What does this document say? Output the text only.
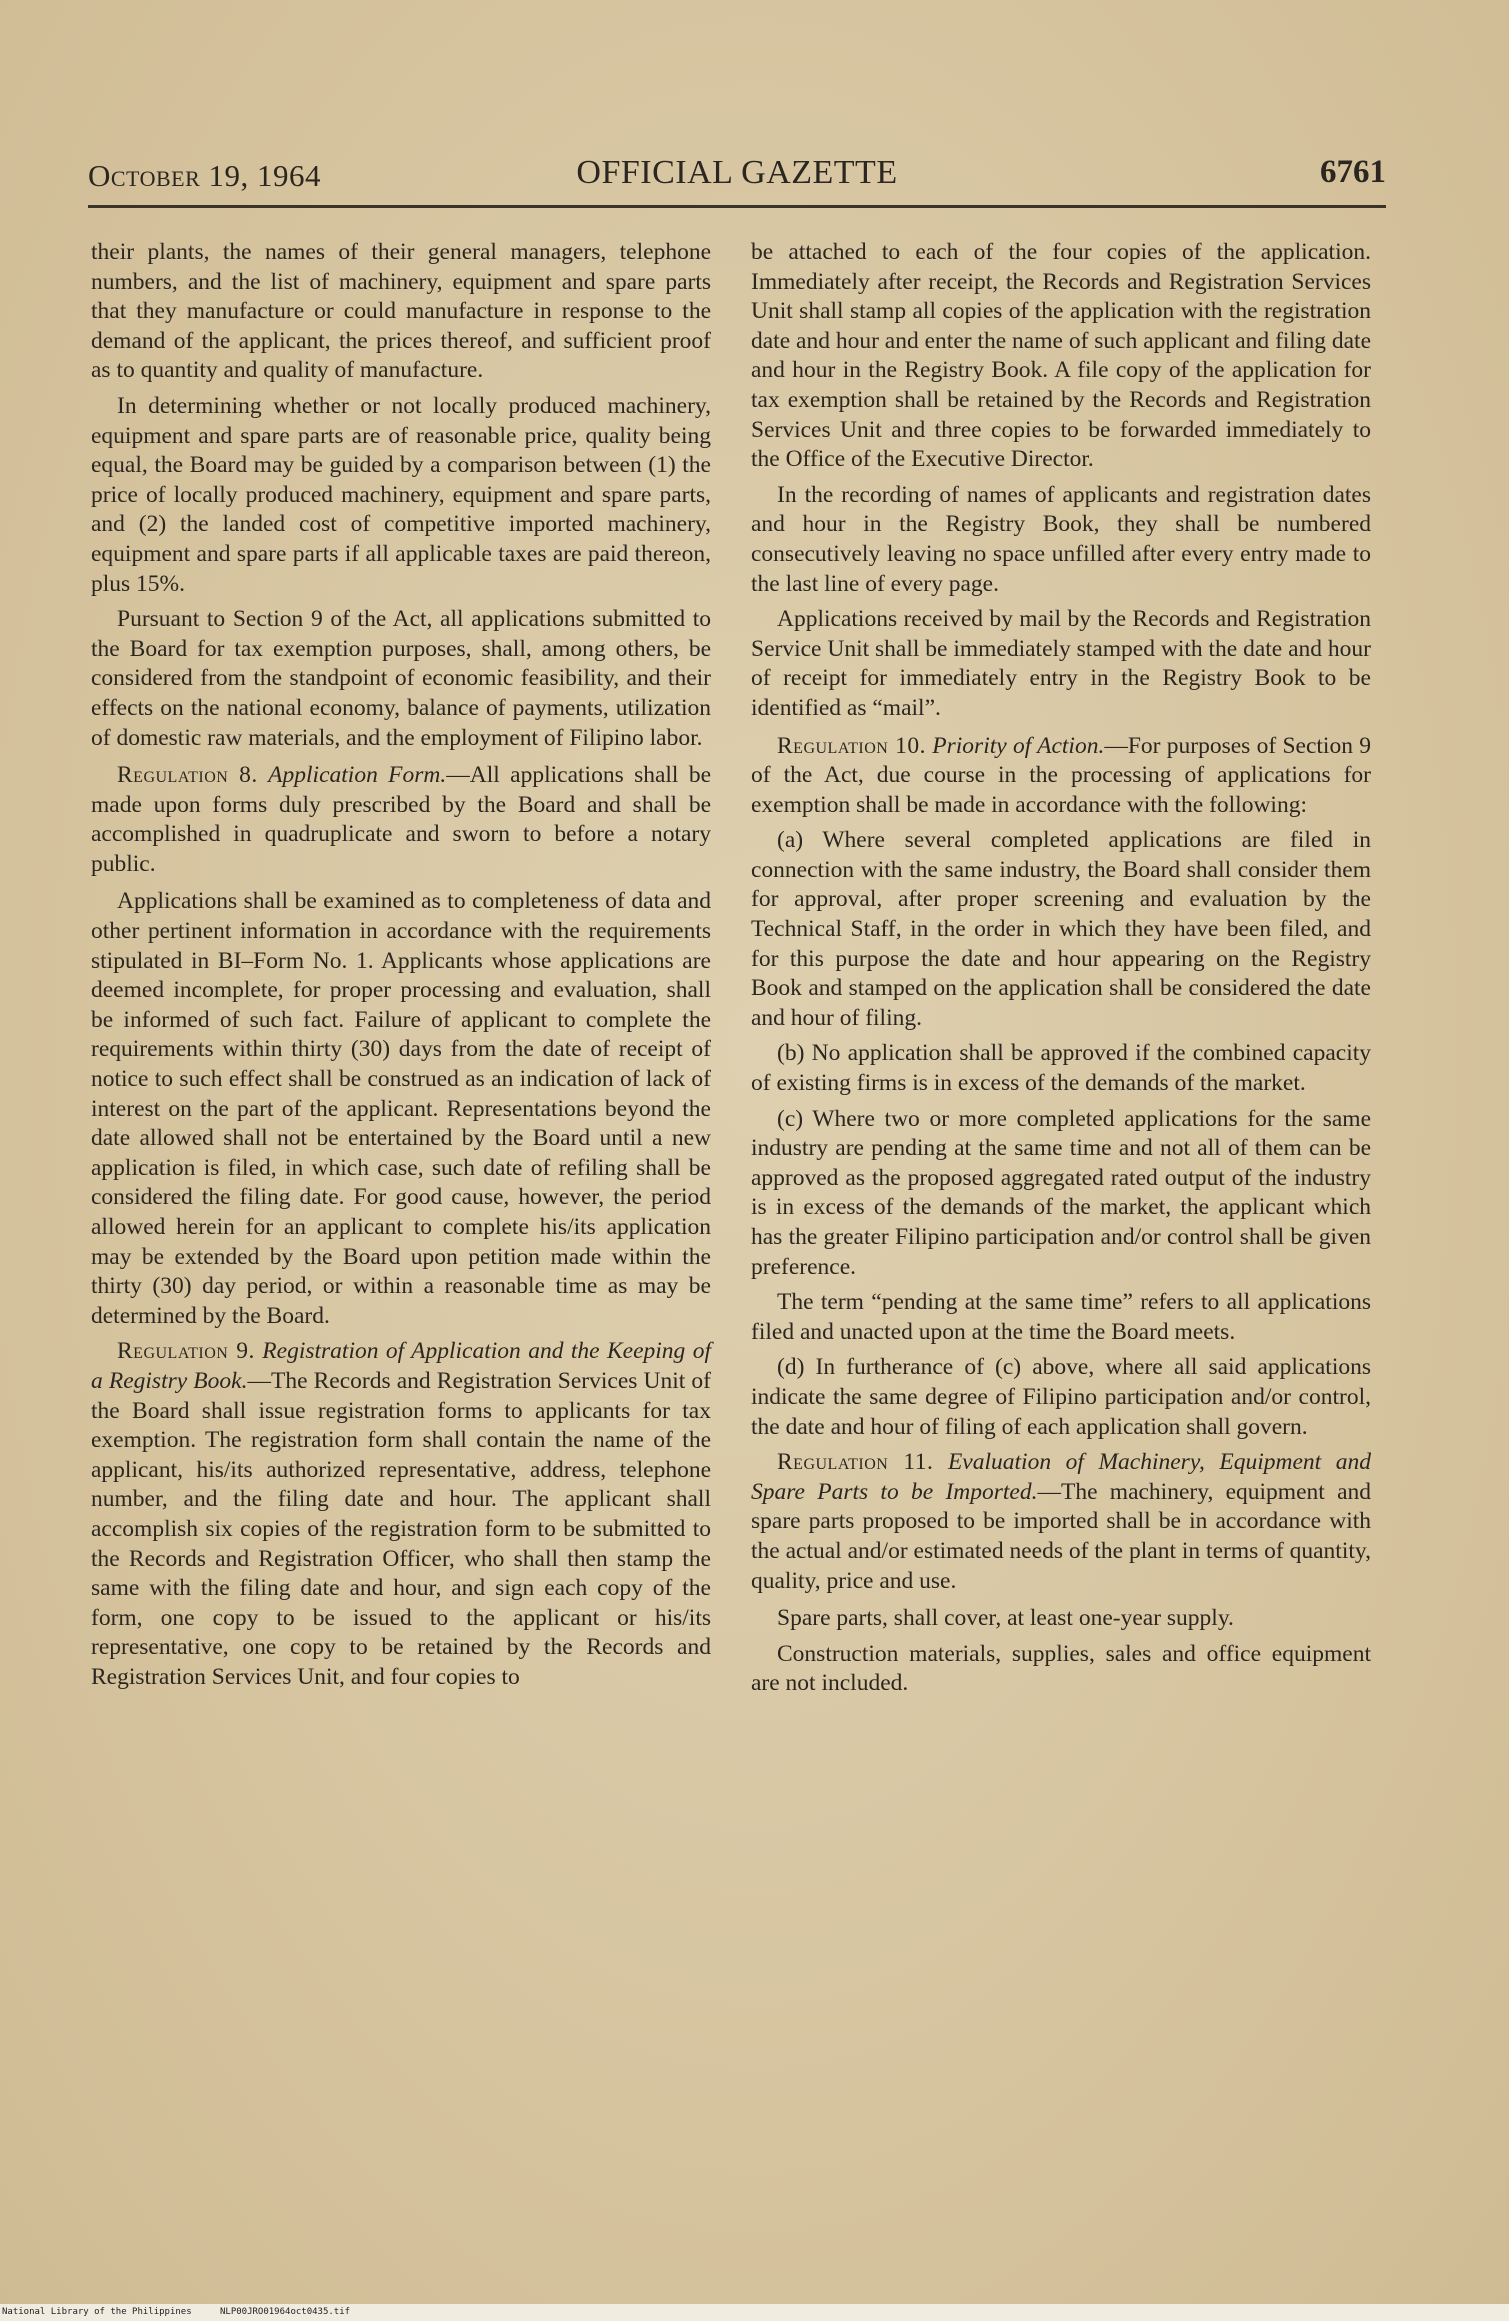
October 19, 1964	OFFICIAL GAZETTE	6761

their plants, the names of their general managers, telephone numbers, and the list of machinery, equipment and spare parts that they manufacture or could manufacture in response to the demand of the applicant, the prices thereof, and sufficient proof as to quantity and quality of manufacture.

In determining whether or not locally produced machinery, equipment and spare parts are of reasonable price, quality being equal, the Board may be guided by a comparison between (1) the price of locally produced machinery, equipment and spare parts, and (2) the landed cost of competitive imported machinery, equipment and spare parts if all applicable taxes are paid thereon, plus 15%.

Pursuant to Section 9 of the Act, all applications submitted to the Board for tax exemption purposes, shall, among others, be considered from the standpoint of economic feasibility, and their effects on the national economy, balance of payments, utilization of domestic raw materials, and the employment of Filipino labor.

Regulation 8. Application Form.—All applications shall be made upon forms duly prescribed by the Board and shall be accomplished in quadruplicate and sworn to before a notary public.

Applications shall be examined as to completeness of data and other pertinent information in accordance with the requirements stipulated in BI–Form No. 1. Applicants whose applications are deemed incomplete, for proper processing and evaluation, shall be informed of such fact. Failure of applicant to complete the requirements within thirty (30) days from the date of receipt of notice to such effect shall be construed as an indication of lack of interest on the part of the applicant. Representations beyond the date allowed shall not be entertained by the Board until a new application is filed, in which case, such date of refiling shall be considered the filing date. For good cause, however, the period allowed herein for an applicant to complete his/its application may be extended by the Board upon petition made within the thirty (30) day period, or within a reasonable time as may be determined by the Board.

Regulation 9. Registration of Application and the Keeping of a Registry Book.—The Records and Registration Services Unit of the Board shall issue registration forms to applicants for tax exemption. The registration form shall contain the name of the applicant, his/its authorized representative, address, telephone number, and the filing date and hour. The applicant shall accomplish six copies of the registration form to be submitted to the Records and Registration Officer, who shall then stamp the same with the filing date and hour, and sign each copy of the form, one copy to be issued to the applicant or his/its representative, one copy to be retained by the Records and Registration Services Unit, and four copies to

be attached to each of the four copies of the application. Immediately after receipt, the Records and Registration Services Unit shall stamp all copies of the application with the registration date and hour and enter the name of such applicant and filing date and hour in the Registry Book. A file copy of the application for tax exemption shall be retained by the Records and Registration Services Unit and three copies to be forwarded immediately to the Office of the Executive Director.

In the recording of names of applicants and registration dates and hour in the Registry Book, they shall be numbered consecutively leaving no space unfilled after every entry made to the last line of every page.

Applications received by mail by the Records and Registration Service Unit shall be immediately stamped with the date and hour of receipt for immediately entry in the Registry Book to be identified as “mail”.

Regulation 10. Priority of Action.—For purposes of Section 9 of the Act, due course in the processing of applications for exemption shall be made in accordance with the following:

(a) Where several completed applications are filed in connection with the same industry, the Board shall consider them for approval, after proper screening and evaluation by the Technical Staff, in the order in which they have been filed, and for this purpose the date and hour appearing on the Registry Book and stamped on the application shall be considered the date and hour of filing.

(b) No application shall be approved if the combined capacity of existing firms is in excess of the demands of the market.

(c) Where two or more completed applications for the same industry are pending at the same time and not all of them can be approved as the proposed aggregated rated output of the industry is in excess of the demands of the market, the applicant which has the greater Filipino participation and/or control shall be given preference.

The term “pending at the same time” refers to all applications filed and unacted upon at the time the Board meets.

(d) In furtherance of (c) above, where all said applications indicate the same degree of Filipino participation and/or control, the date and hour of filing of each application shall govern.

Regulation 11. Evaluation of Machinery, Equipment and Spare Parts to be Imported.—The machinery, equipment and spare parts proposed to be imported shall be in accordance with the actual and/or estimated needs of the plant in terms of quantity, quality, price and use.

Spare parts, shall cover, at least one-year supply.

Construction materials, supplies, sales and office equipment are not included.

National Library of the Philippines	NLP00JRO01964oct0435.tif
